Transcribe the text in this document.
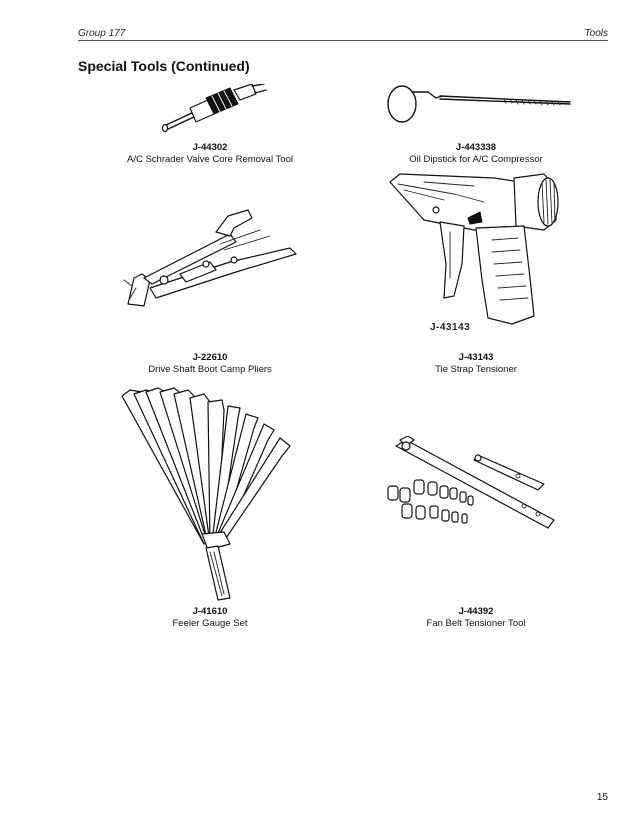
Group 177	Tools
Special Tools (Continued)
J-44302
A/C Schrader Valve Core Removal Tool
J-443338
Oil Dipstick for A/C Compressor
J-43143
J-22610
Drive Shaft Boot Camp Pliers
J-43143
Tie Strap Tensioner
J-41610
Feeler Gauge Set
J-44392
Fan Belt Tensioner Tool
15
